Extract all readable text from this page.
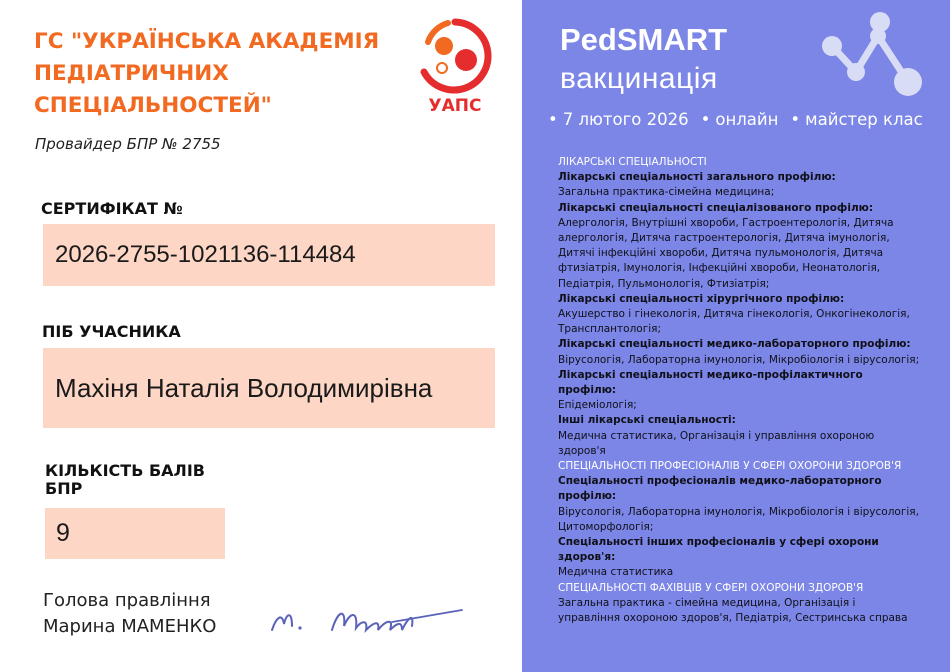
ГС "УКРАЇНСЬКА АКАДЕМІЯ ПЕДІАТРИЧНИХ СПЕЦІАЛЬНОСТЕЙ"	УАПС
Провайдер БПР № 2755
СЕРТИФІКАТ №
2026-2755-1021136-114484
ПІБ УЧАСНИКА
Махіня Наталія Володимирівна
КІЛЬКІСТЬ БАЛІВ БПР
9
Голова правління
Марина МАМЕНКО
PedSMART
вакцинація
• 7 лютого 2026 • онлайн • майстер клас
ЛІКАРСЬКІ СПЕЦІАЛЬНОСТІ
Лікарські спеціальності загального профілю:
Загальна практика-сімейна медицина;
Лікарські спеціальності спеціалізованого профілю:
Алергологія, Внутрішні хвороби, Гастроентерологія, Дитяча алергологія, Дитяча гастроентерологія, Дитяча імунологія, Дитячі інфекційні хвороби, Дитяча пульмонологія, Дитяча фтизіатрія, Імунологія, Інфекційні хвороби, Неонатологія, Педіатрія, Пульмонологія, Фтизіатрія;
Лікарські спеціальності хірургічного профілю:
Акушерство і гінекологія, Дитяча гінекологія, Онкогінекологія, Трансплантологія;
Лікарські спеціальності медико-лабораторного профілю:
Вірусологія, Лабораторна імунологія, Мікробіологія і вірусологія;
Лікарські спеціальності медико-профілактичного профілю:
Епідеміологія;
Інші лікарські спеціальності:
Медична статистика, Організація і управління охороною здоров'я
СПЕЦІАЛЬНОСТІ ПРОФЕСІОНАЛІВ У СФЕРІ ОХОРОНИ ЗДОРОВ'Я
Спеціальності професіоналів медико-лабораторного профілю:
Вірусологія, Лабораторна імунологія, Мікробіологія і вірусологія, Цитоморфологія;
Спеціальності інших професіоналів у сфері охорони здоров'я:
Медична статистика
СПЕЦІАЛЬНОСТІ ФАХІВЦІВ У СФЕРІ ОХОРОНИ ЗДОРОВ'Я
Загальна практика - сімейна медицина, Організація і управління охороною здоров'я, Педіатрія, Сестринська справа
